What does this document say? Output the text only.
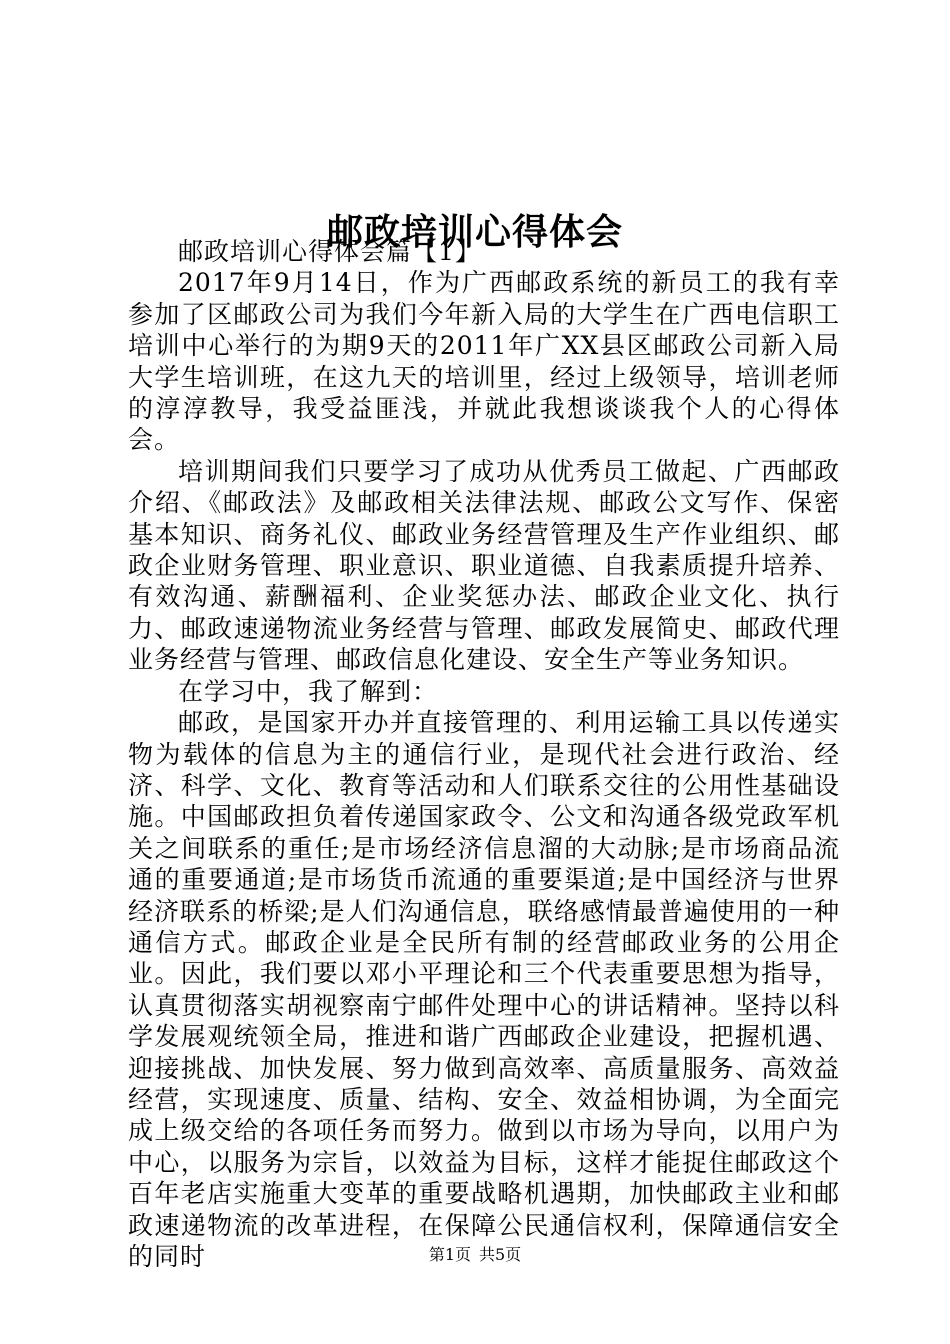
邮政培训心得体会

邮政培训心得体会篇【1】

2017年9月14日，作为广西邮政系统的新员工的我有幸参加了区邮政公司为我们今年新入局的大学生在广西电信职工培训中心举行的为期9天的2011年广XX县区邮政公司新入局大学生培训班，在这九天的培训里，经过上级领导，培训老师的淳淳教导，我受益匪浅，并就此我想谈谈我个人的心得体会。

培训期间我们只要学习了成功从优秀员工做起、广西邮政介绍、《邮政法》及邮政相关法律法规、邮政公文写作、保密基本知识、商务礼仪、邮政业务经营管理及生产作业组织、邮政企业财务管理、职业意识、职业道德、自我素质提升培养、有效沟通、薪酬福利、企业奖惩办法、邮政企业文化、执行力、邮政速递物流业务经营与管理、邮政发展简史、邮政代理业务经营与管理、邮政信息化建设、安全生产等业务知识。

在学习中，我了解到：

邮政，是国家开办并直接管理的、利用运输工具以传递实物为载体的信息为主的通信行业，是现代社会进行政治、经济、科学、文化、教育等活动和人们联系交往的公用性基础设施。中国邮政担负着传递国家政令、公文和沟通各级党政军机关之间联系的重任;是市场经济信息溜的大动脉;是市场商品流通的重要通道;是市场货币流通的重要渠道;是中国经济与世界经济联系的桥梁;是人们沟通信息，联络感情最普遍使用的一种通信方式。邮政企业是全民所有制的经营邮政业务的公用企业。因此，我们要以邓小平理论和三个代表重要思想为指导，认真贯彻落实胡视察南宁邮件处理中心的讲话精神。坚持以科学发展观统领全局，推进和谐广西邮政企业建设，把握机遇、迎接挑战、加快发展、努力做到高效率、高质量服务、高效益经营，实现速度、质量、结构、安全、效益相协调，为全面完成上级交给的各项任务而努力。做到以市场为导向，以用户为中心，以服务为宗旨，以效益为目标，这样才能捉住邮政这个百年老店实施重大变革的重要战略机遇期，加快邮政主业和邮政速递物流的改革进程，在保障公民通信权利，保障通信安全的同时	第1页 共5页
